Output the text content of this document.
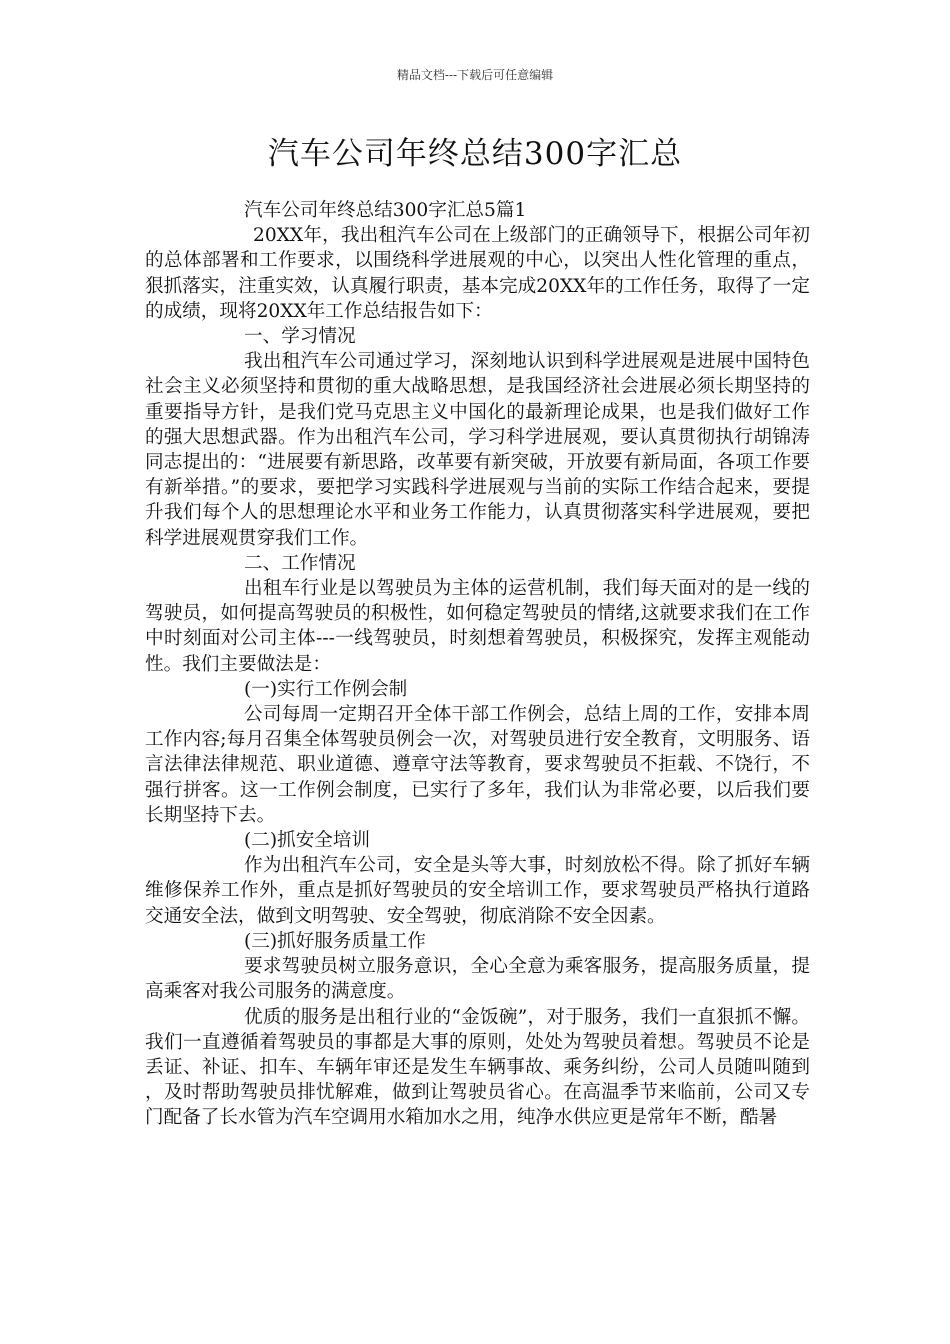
精品文档---下载后可任意编辑
汽车公司年终总结300字汇总

汽车公司年终总结300字汇总5篇1

20XX年，我出租汽车公司在上级部门的正确领导下，根据公司年初的总体部署和工作要求，以围绕科学进展观的中心，以突出人性化管理的重点，狠抓落实，注重实效，认真履行职责，基本完成20XX年的工作任务，取得了一定的成绩，现将20XX年工作总结报告如下：

一、学习情况

我出租汽车公司通过学习，深刻地认识到科学进展观是进展中国特色社会主义必须坚持和贯彻的重大战略思想，是我国经济社会进展必须长期坚持的重要指导方针，是我们党马克思主义中国化的最新理论成果，也是我们做好工作的强大思想武器。作为出租汽车公司，学习科学进展观，要认真贯彻执行胡锦涛同志提出的：“进展要有新思路，改革要有新突破，开放要有新局面，各项工作要有新举措。”的要求，要把学习实践科学进展观与当前的实际工作结合起来，要提升我们每个人的思想理论水平和业务工作能力，认真贯彻落实科学进展观，要把科学进展观贯穿我们工作。

二、工作情况

出租车行业是以驾驶员为主体的运营机制，我们每天面对的是一线的驾驶员，如何提高驾驶员的积极性，如何稳定驾驶员的情绪,这就要求我们在工作中时刻面对公司主体---一线驾驶员，时刻想着驾驶员，积极探究，发挥主观能动性。我们主要做法是：

(一)实行工作例会制

公司每周一定期召开全体干部工作例会，总结上周的工作，安排本周工作内容;每月召集全体驾驶员例会一次，对驾驶员进行安全教育，文明服务、语言法律法律规范、职业道德、遵章守法等教育，要求驾驶员不拒载、不饶行，不强行拼客。这一工作例会制度，已实行了多年，我们认为非常必要，以后我们要长期坚持下去。

(二)抓安全培训

作为出租汽车公司，安全是头等大事，时刻放松不得。除了抓好车辆维修保养工作外，重点是抓好驾驶员的安全培训工作，要求驾驶员严格执行道路交通安全法，做到文明驾驶、安全驾驶，彻底消除不安全因素。

(三)抓好服务质量工作

要求驾驶员树立服务意识，全心全意为乘客服务，提高服务质量，提高乘客对我公司服务的满意度。

优质的服务是出租行业的“金饭碗”，对于服务，我们一直狠抓不懈。我们一直遵循着驾驶员的事都是大事的原则，处处为驾驶员着想。驾驶员不论是丢证、补证、扣车、车辆年审还是发生车辆事故、乘务纠纷，公司人员随叫随到，及时帮助驾驶员排忧解难，做到让驾驶员省心。在高温季节来临前，公司又专门配备了长水管为汽车空调用水箱加水之用，纯净水供应更是常年不断，酷暑
